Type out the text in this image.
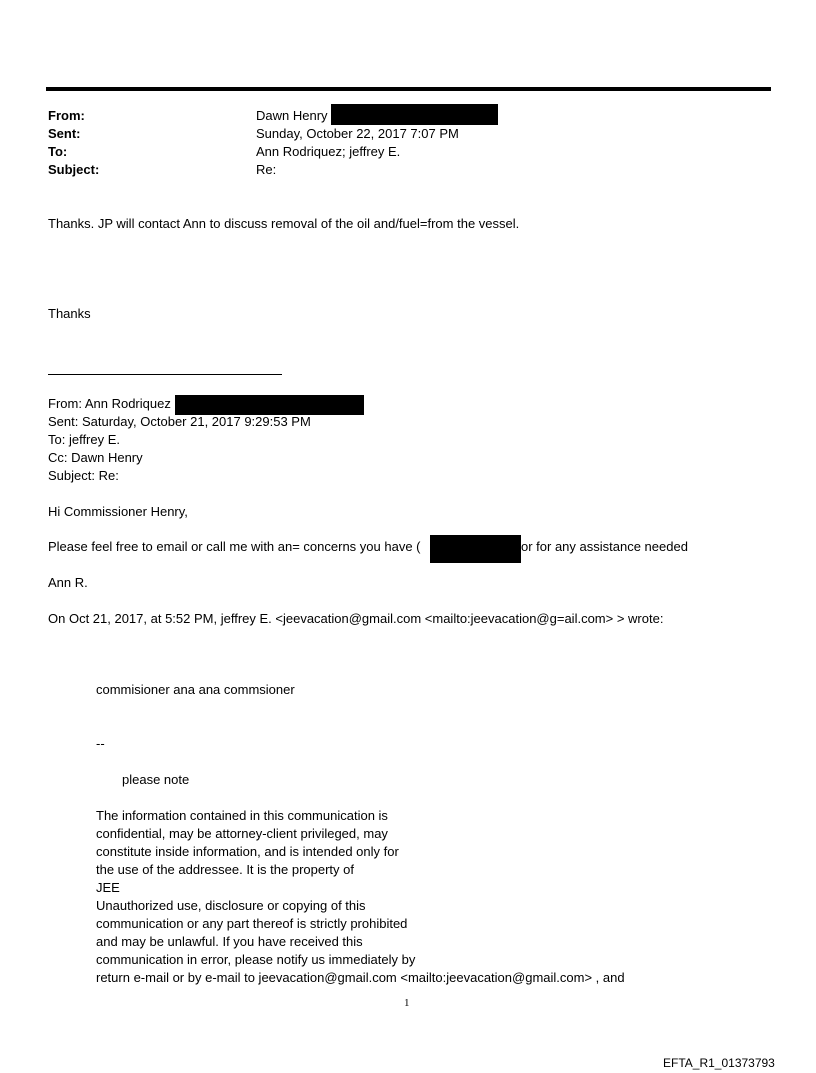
From:
Sent:
To:
Subject:
Dawn Henry
Sunday, October 22, 2017 7:07 PM
Ann Rodriquez; jeffrey E.
Re:
Thanks. JP will contact Ann to discuss removal of the oil and/fuel=from the vessel.
Thanks
From: Ann Rodriquez
Sent: Saturday, October 21, 2017 9:29:53 PM
To: jeffrey E.
Cc: Dawn Henry
Subject: Re:
Hi Commissioner Henry,
Please feel free to email or call me with an= concerns you have (	or for any assistance needed
Ann R.
On Oct 21, 2017, at 5:52 PM, jeffrey E. <jeevacation@gmail.com <mailto:jeevacation@g=ail.com> > wrote:
commisioner ana ana commsioner
--
please note
The information contained in this communication is
confidential, may be attorney-client privileged, may
constitute inside information, and is intended only for
the use of the addressee. It is the property of
JEE
Unauthorized use, disclosure or copying of this
communication or any part thereof is strictly prohibited
and may be unlawful. If you have received this
communication in error, please notify us immediately by
return e-mail or by e-mail to jeevacation@gmail.com <mailto:jeevacation@gmail.com> , and
1
EFTA_R1_01373793
